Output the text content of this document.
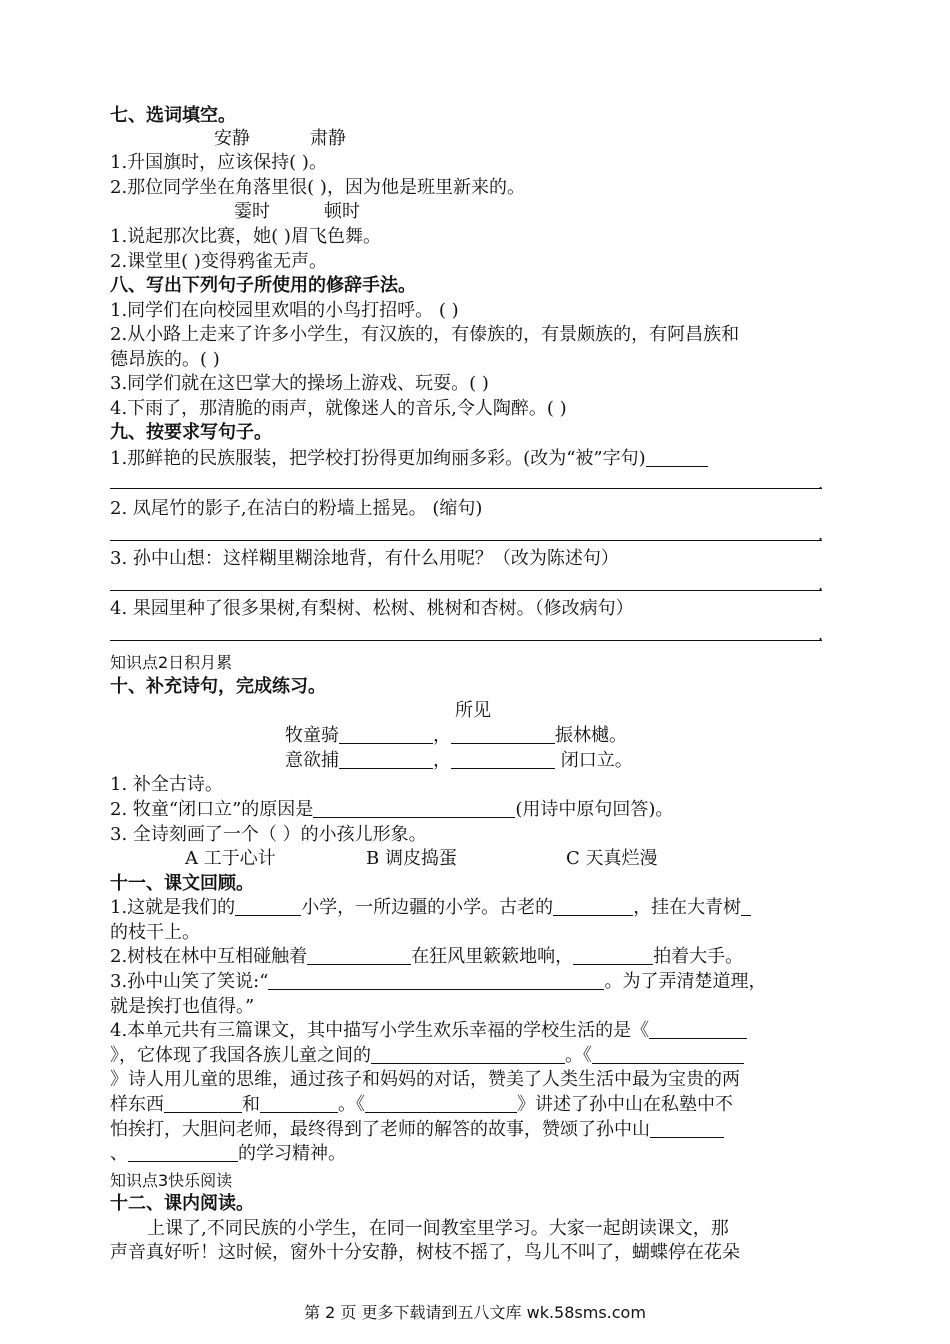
七、选词填空。
安静	肃静
1.升国旗时，应该保持( )。
2.那位同学坐在角落里很( )，因为他是班里新来的。
霎时	顿时
1.说起那次比赛，她( )眉飞色舞。
2.课堂里( )变得鸦雀无声。
八、写出下列句子所使用的修辞手法。
1.同学们在向校园里欢唱的小鸟打招呼。 ( )
2.从小路上走来了许多小学生，有汉族的，有傣族的，有景颇族的，有阿昌族和
德昂族的。( )
3.同学们就在这巴掌大的操场上游戏、玩耍。( )
4.下雨了，那清脆的雨声，就像迷人的音乐,令人陶醉。( )
九、按要求写句子。
1.那鲜艳的民族服装，把学校打扮得更加绚丽多彩。(改为“被”字句)
.
2. 凤尾竹的影子,在洁白的粉墙上摇晃。 (缩句)
.
3. 孙中山想：这样糊里糊涂地背，有什么用呢？（改为陈述句）
.
4. 果园里种了很多果树,有梨树、松树、桃树和杏树。（修改病句）
.
知识点2日积月累
十、补充诗句，完成练习。
所见
牧童骑	，	振林樾。
意欲捕	，	闭口立。
1. 补全古诗。
2. 牧童“闭口立”的原因是	(用诗中原句回答)。
3. 全诗刻画了一个（ ）的小孩儿形象。
A 工于心计	B 调皮捣蛋	C 天真烂漫
十一、课文回顾。
1.这就是我们的	小学，一所边疆的小学。古老的	，挂在大青树
的枝干上。
2.树枝在林中互相碰触着	在狂风里簌簌地响，	拍着大手。
3.孙中山笑了笑说:“	。为了弄清楚道理，
就是挨打也值得。”
4.本单元共有三篇课文，其中描写小学生欢乐幸福的学校生活的是《
》，它体现了我国各族儿童之间的	。《
》诗人用儿童的思维，通过孩子和妈妈的对话，赞美了人类生活中最为宝贵的两
样东西	和	。《	》讲述了孙中山在私塾中不
怕挨打，大胆问老师，最终得到了老师的解答的故事，赞颂了孙中山
、	的学习精神。
知识点3快乐阅读
十二、课内阅读。
上课了,不同民族的小学生，在同一间教室里学习。大家一起朗读课文，那
声音真好听！这时候，窗外十分安静，树枝不摇了，鸟儿不叫了，蝴蝶停在花朵
第 2 页 更多下载请到五八文库 wk.58sms.com
